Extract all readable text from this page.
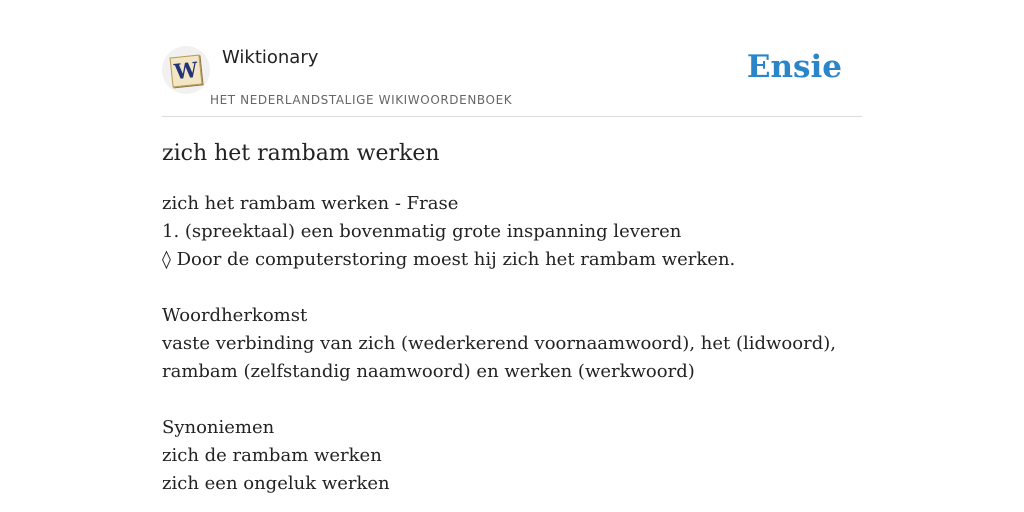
W Wiktionary
HET NEDERLANDSTALIGE WIKIWOORDENBOEK
Ensie
zich het rambam werken
zich het rambam werken - Frase
1. (spreektaal) een bovenmatig grote inspanning leveren
◊ Door de computerstoring moest hij zich het rambam werken.
Woordherkomst
vaste verbinding van zich (wederkerend voornaamwoord), het (lidwoord),
rambam (zelfstandig naamwoord) en werken (werkwoord)
Synoniemen
zich de rambam werken
zich een ongeluk werken
